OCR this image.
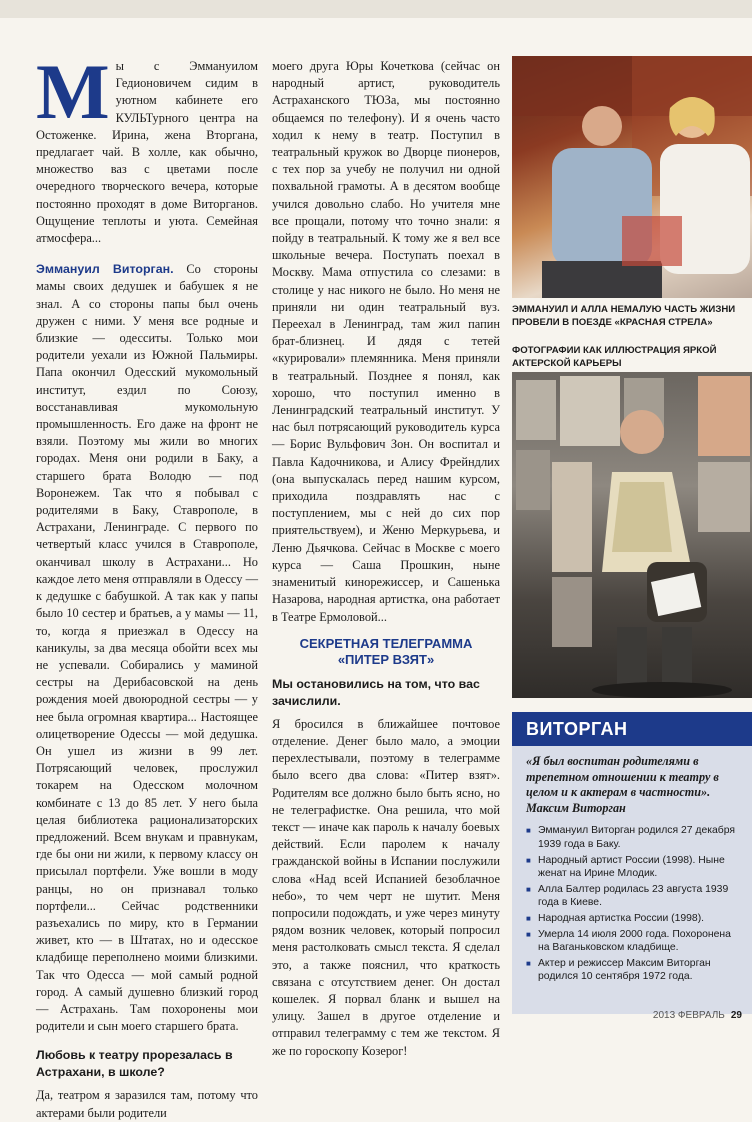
Мы с Эммануилом Гедионовичем сидим в уютном кабинете его КУЛЬТурного центра на Остоженке. Ирина, жена Вторгана, предлагает чай. В холле, как обычно, множество ваз с цветами после очередного творческого вечера, которые постоянно проходят в доме Виторганов. Ощущение теплоты и уюта. Семейная атмосфера...

Эммануил Виторган. Со стороны мамы своих дедушек и бабушек я не знал. А со стороны папы был очень дружен с ними. У меня все родные и близкие — одесситы. Только мои родители уехали из Южной Пальмиры. Папа окончил Одесский мукомольный институт, ездил по Союзу, восстанавливая мукомольную промышленность. Его даже на фронт не взяли. Поэтому мы жили во многих городах. Меня они родили в Баку, а старшего брата Володю — под Воронежем. Так что я побывал с родителями в Баку, Ставрополе, в Астрахани, Ленинграде. С первого по четвертый класс учился в Ставрополе, оканчивал школу в Астрахани... Но каждое лето меня отправляли в Одессу — к дедушке с бабушкой. А так как у папы было 10 сестер и братьев, а у мамы — 11, то, когда я приезжал в Одессу на каникулы, за два месяца обойти всех мы не успевали. Собирались у маминой сестры на Дерибасовской на день рождения моей двоюродной сестры — у нее была огромная квартира... Настоящее олицетворение Одессы — мой дедушка. Он ушел из жизни в 99 лет. Потрясающий человек, прослужил токарем на Одесском молочном комбинате с 13 до 85 лет. У него была целая библиотека рационализаторских предложений. Всем внукам и правнукам, где бы они ни жили, к первому классу он присылал портфели. Уже вошли в моду ранцы, но он признавал только портфели... Сейчас родственники разъехались по миру, кто в Германии живет, кто — в Штатах, но и одесское кладбище переполнено моими близкими. Так что Одесса — мой самый родной город. А самый душевно близкий город — Астрахань. Там похоронены мои родители и сын моего старшего брата.

Любовь к театру прорезалась в Астрахани, в школе?

Да, театром я заразился там, потому что актерами были родители

моего друга Юры Кочеткова (сейчас он народный артист, руководитель Астраханского ТЮЗа, мы постоянно общаемся по телефону). И я очень часто ходил к нему в театр. Поступил в театральный кружок во Дворце пионеров, с тех пор за учебу не получил ни одной похвальной грамоты. А в десятом вообще учился довольно слабо. Но учителя мне все прощали, потому что точно знали: я пойду в театральный. К тому же я вел все школьные вечера. Поступать поехал в Москву. Мама отпустила со слезами: в столице у нас никого не было. Но меня не приняли ни один театральный вуз. Переехал в Ленинград, там жил папин брат-близнец. И дядя с тетей «курировали» племянника. Меня приняли в театральный. Позднее я понял, как хорошо, что поступил именно в Ленинградский театральный институт. У нас был потрясающий руководитель курса — Борис Вульфович Зон. Он воспитал и Павла Кадочникова, и Алису Фрейндлих (она выпускалась перед нашим курсом, приходила поздравлять нас с поступлением, мы с ней до сих пор приятельствуем), и Женю Меркурьева, и Леню Дьячкова. Сейчас в Москве с моего курса — Саша Прошкин, ныне знаменитый кинорежиссер, и Сашенька Назарова, народная артистка, она работает в Театре Ермоловой...

СЕКРЕТНАЯ ТЕЛЕГРАММА
«ПИТЕР ВЗЯТ»

Мы остановились на том, что вас зачислили.

Я бросился в ближайшее почтовое отделение. Денег было мало, а эмоции перехлестывали, поэтому в телеграмме было всего два слова: «Питер взят». Родителям все должно было быть ясно, но не телеграфистке. Она решила, что мой текст — иначе как пароль к началу боевых действий. Если паролем к началу гражданской войны в Испании послужили слова «Над всей Испанией безоблачное небо», то чем черт не шутит. Меня попросили подождать, и уже через минуту рядом возник человек, который попросил меня растолковать смысл текста. Я сделал это, а также пояснил, что краткость связана с отсутствием денег. Он достал кошелек. Я порвал бланк и вышел на улицу. Зашел в другое отделение и отправил телеграмму с тем же текстом. Я же по гороскопу Козерог!

ЭММАНУИЛ И АЛЛА НЕМАЛУЮ ЧАСТЬ ЖИЗНИ ПРОВЕЛИ В ПОЕЗДЕ «КРАСНАЯ СТРЕЛА»
ФОТОГРАФИИ КАК ИЛЛЮСТРАЦИЯ ЯРКОЙ АКТЕРСКОЙ КАРЬЕРЫ
ВИТОРГАН
«Я был воспитан родителями в трепетном отношении к театру в целом и к актерам в частности». Максим Виторган
■ Эммануил Виторган родился 27 декабря 1939 года в Баку.
■ Народный артист России (1998). Ныне женат на Ирине Млодик.
■ Алла Балтер родилась 23 августа 1939 года в Киеве.
■ Народная артистка России (1998).
■ Умерла 14 июля 2000 года. Похоронена на Ваганьковском кладбище.
■ Актер и режиссер Максим Виторган родился 10 сентября 1972 года.
2013 ФЕВРАЛЬ 29
